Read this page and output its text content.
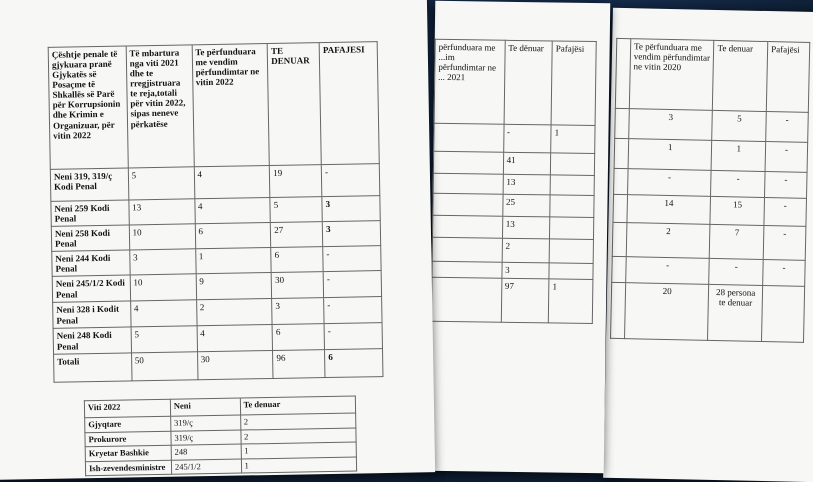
	Te përfunduara me vendim përfundimtar ne vitin 2020	Te denuar	Pafajësi
	3	5	-
	1	1	-
	-	-	-
	14	15	-
	2	7	-
	-	-	-
	20	28 persona te denuar	
përfunduara me ...im përfundimtar ne ... 2021	Te dënuar	Pafajësi
	-	1
	41	
	13	
	25	
	13	
	2	
	3	
	97	1
Çështje penale të gjykuara pranë Gjykatës së Posaçme të Shkallës së Parë për Korrupsionin dhe Krimin e Organizuar, për vitin 2022	Të mbartura nga viti 2021 dhe te rregjistruara te reja,totali për vitin 2022, sipas neneve përkatëse	Te përfunduara me vendim përfundimtar ne vitin 2022	TE DENUAR	PAFAJESI
Neni 319, 319/ç Kodi Penal	5	4	19	-
Neni 259 Kodi Penal	13	4	5	3
Neni 258 Kodi Penal	10	6	27	3
Neni 244 Kodi Penal	3	1	6	-
Neni 245/1/2 Kodi Penal	10	9	30	-
Neni 328 i Kodit Penal	4	2	3	-
Neni 248 Kodi Penal	5	4	6	-
Totali	50	30	96	6
Viti 2022	Neni	Te denuar
Gjyqtare	319/ç	2
Prokurore	319/ç	2
Kryetar Bashkie	248	1
Ish-zevendesministre	245/1/2	1
